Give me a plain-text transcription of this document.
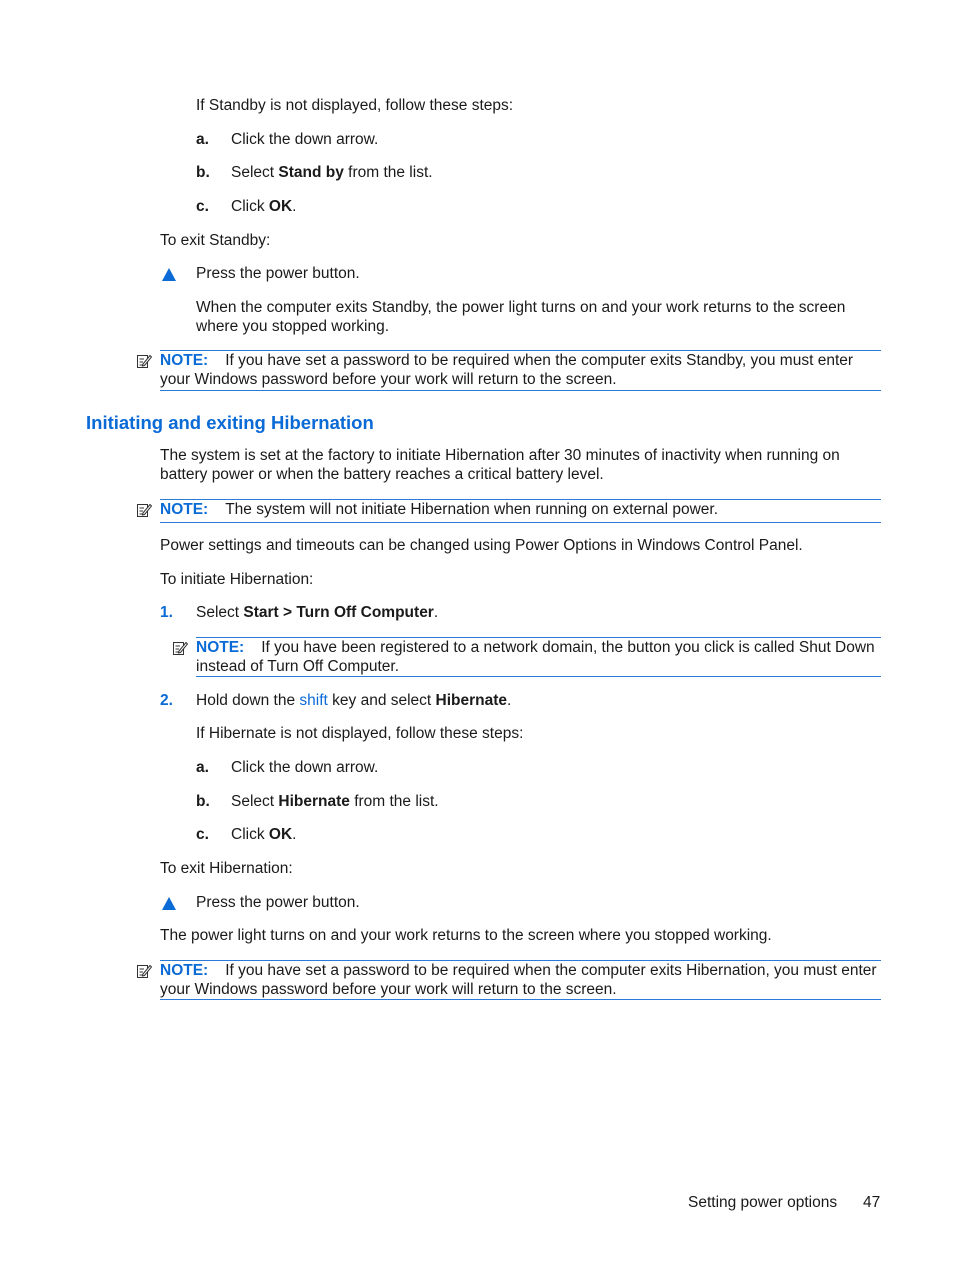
If Standby is not displayed, follow these steps:
a. Click the down arrow.
b. Select Stand by from the list.
c. Click OK.
To exit Standby:
Press the power button.
When the computer exits Standby, the power light turns on and your work returns to the screen
where you stopped working.
NOTE: If you have set a password to be required when the computer exits Standby, you must enter
your Windows password before your work will return to the screen.
Initiating and exiting Hibernation
The system is set at the factory to initiate Hibernation after 30 minutes of inactivity when running on
battery power or when the battery reaches a critical battery level.
NOTE: The system will not initiate Hibernation when running on external power.
Power settings and timeouts can be changed using Power Options in Windows Control Panel.
To initiate Hibernation:
1. Select Start > Turn Off Computer.
NOTE: If you have been registered to a network domain, the button you click is called Shut Down
instead of Turn Off Computer.
2. Hold down the shift key and select Hibernate.
If Hibernate is not displayed, follow these steps:
a. Click the down arrow.
b. Select Hibernate from the list.
c. Click OK.
To exit Hibernation:
Press the power button.
The power light turns on and your work returns to the screen where you stopped working.
NOTE: If you have set a password to be required when the computer exits Hibernation, you must enter
your Windows password before your work will return to the screen.
Setting power options 47
